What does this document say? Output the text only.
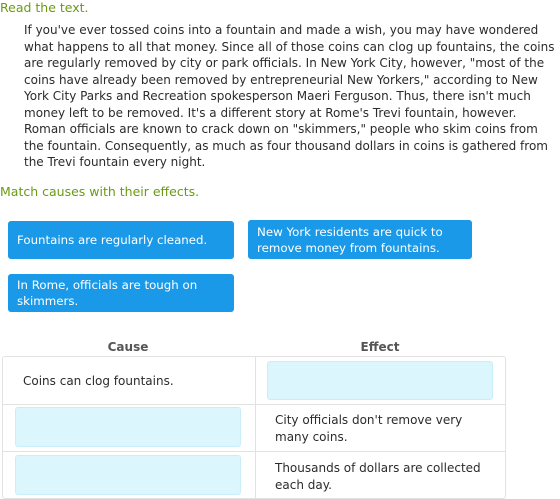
Read the text.
If you've ever tossed coins into a fountain and made a wish, you may have wondered what happens to all that money. Since all of those coins can clog up fountains, the coins are regularly removed by city or park officials. In New York City, however, "most of the coins have already been removed by entrepreneurial New Yorkers," according to New York City Parks and Recreation spokesperson Maeri Ferguson. Thus, there isn't much money left to be removed. It's a different story at Rome's Trevi fountain, however. Roman officials are known to crack down on "skimmers," people who skim coins from the fountain. Consequently, as much as four thousand dollars in coins is gathered from the Trevi fountain every night.
Match causes with their effects.
Fountains are regularly cleaned.
New York residents are quick to remove money from fountains.
In Rome, officials are tough on skimmers.
Cause	Effect
Coins can clog fountains.
City officials don't remove very many coins.
Thousands of dollars are collected each day.
